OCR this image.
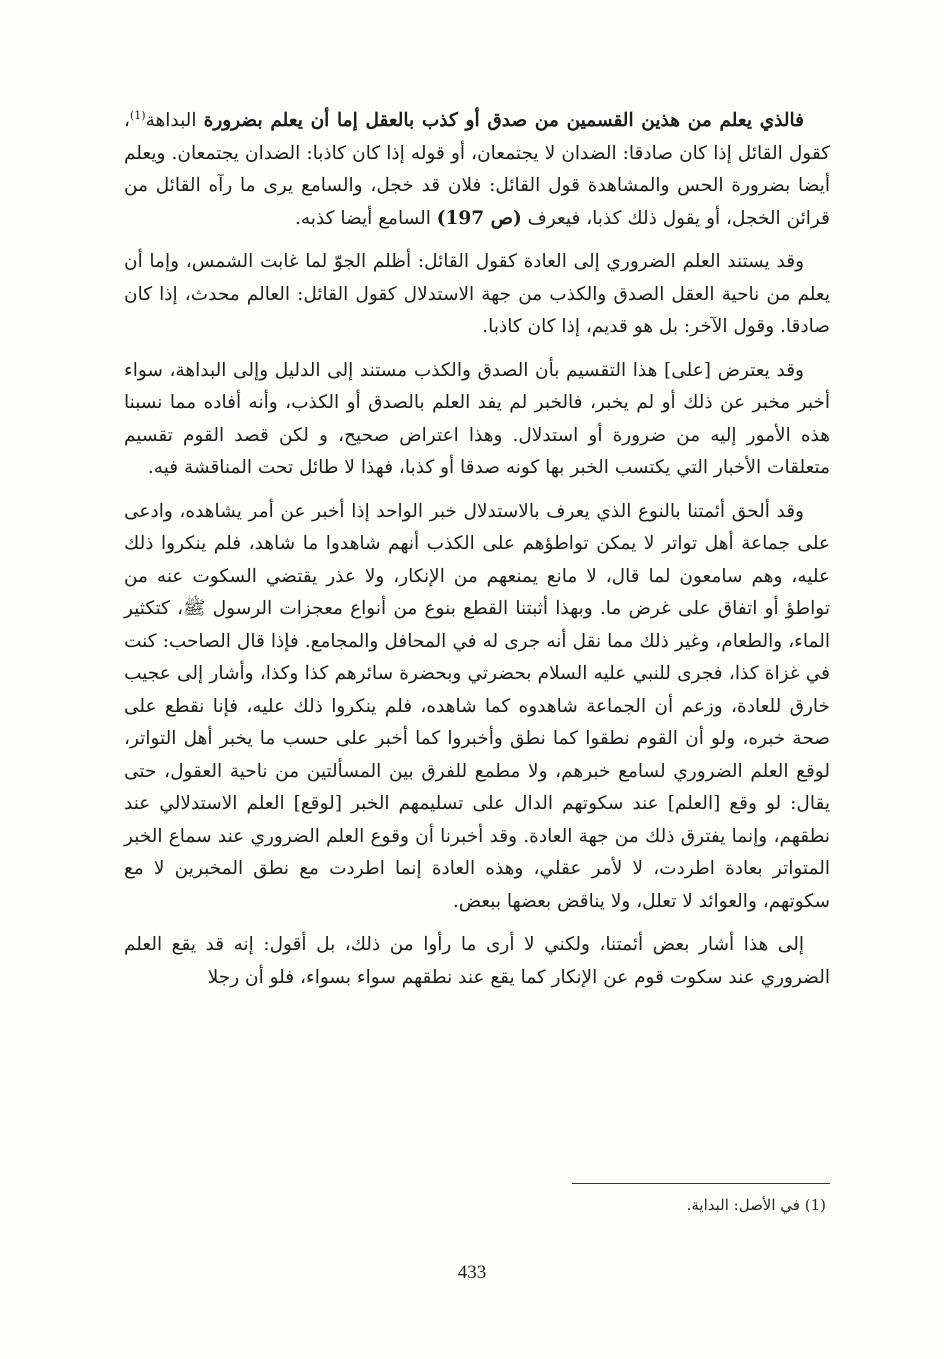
فالذي يعلم من هذين القسمين من صدق أو كذب بالعقل إما أن يعلم بضرورة البداهة$^{(1)}$، كقول القائل إذا كان صادقا: الضدان لا يجتمعان، أو قوله إذا كان كاذبا: الضدان يجتمعان. ويعلم أيضا بضرورة الحس والمشاهدة قول القائل: فلان قد خجل، والسامع يرى ما رآه القائل من قرائن الخجل، أو يقول ذلك كذبا، فيعرف (ص 197) السامع أيضا كذبه.

وقد يستند العلم الضروري إلى العادة كقول القائل: أظلم الجوّ لما غابت الشمس، وإما أن يعلم من ناحية العقل الصدق والكذب من جهة الاستدلال كقول القائل: العالم محدث، إذا كان صادقا. وقول الآخر: بل هو قديم، إذا كان كاذبا.

وقد يعترض [على] هذا التقسيم بأن الصدق والكذب مستند إلى الدليل وإلى البداهة، سواء أخبر مخبر عن ذلك أو لم يخبر، فالخبر لم يفد العلم بالصدق أو الكذب، وأنه أفاده مما نسبنا هذه الأمور إليه من ضرورة أو استدلال. وهذا اعتراض صحيح، و لكن قصد القوم تقسيم متعلقات الأخبار التي يكتسب الخبر بها كونه صدقا أو كذبا، فهذا لا طائل تحت المناقشة فيه.

وقد ألحق أئمتنا بالنوع الذي يعرف بالاستدلال خبر الواحد إذا أخبر عن أمر يشاهده، وادعى على جماعة أهل تواتر لا يمكن تواطؤهم على الكذب أنهم شاهدوا ما شاهد، فلم ينكروا ذلك عليه، وهم سامعون لما قال، لا مانع يمنعهم من الإنكار، ولا عذر يقتضي السكوت عنه من تواطؤ أو اتفاق على غرض ما. وبهذا أثبتنا القطع بنوع من أنواع معجزات الرسول ﷺ، كتكثير الماء، والطعام، وغير ذلك مما نقل أنه جرى له في المحافل والمجامع. فإذا قال الصاحب: كنت في غزاة كذا، فجرى للنبي عليه السلام بحضرتي وبحضرة سائرهم كذا وكذا، وأشار إلى عجيب خارق للعادة، وزعم أن الجماعة شاهدوه كما شاهده، فلم ينكروا ذلك عليه، فإنا نقطع على صحة خبره، ولو أن القوم نطقوا كما نطق وأخبروا كما أخبر على حسب ما يخبر أهل التواتر، لوقع العلم الضروري لسامع خبرهم، ولا مطمع للفرق بين المسألتين من ناحية العقول، حتى يقال: لو وقع [العلم] عند سكوتهم الدال على تسليمهم الخبر [لوقع] العلم الاستدلالي عند نطقهم، وإنما يفترق ذلك من جهة العادة. وقد أخبرنا أن وقوع العلم الضروري عند سماع الخبر المتواتر بعادة اطردت، لا لأمر عقلي، وهذه العادة إنما اطردت مع نطق المخبرين لا مع سكوتهم، والعوائد لا تعلل، ولا يناقض بعضها ببعض.

إلى هذا أشار بعض أئمتنا، ولكني لا أرى ما رأوا من ذلك، بل أقول: إنه قد يقع العلم الضروري عند سكوت قوم عن الإنكار كما يقع عند نطقهم سواء بسواء، فلو أن رجلا

(1) في الأصل: البداية.
433
